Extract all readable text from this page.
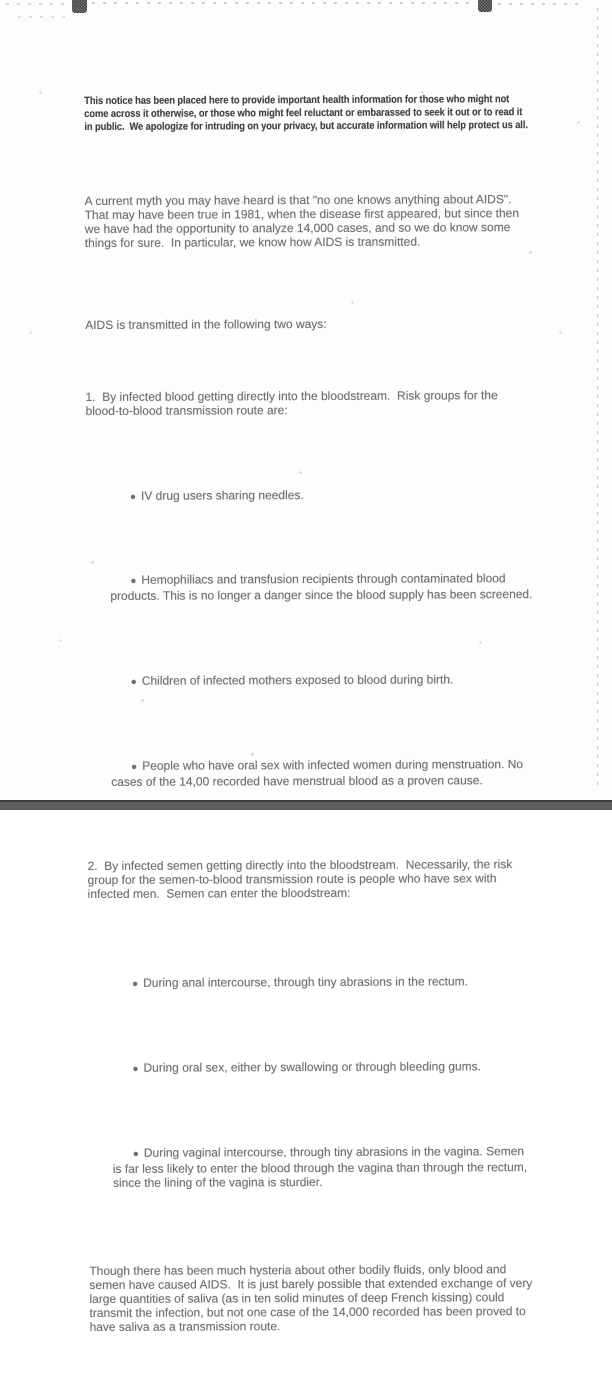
This notice has been placed here to provide important health information for those who might not come across it otherwise, or those who might feel reluctant or embarassed to seek it out or to read it in public.  We apologize for intruding on your privacy, but accurate information will help protect us all.

A current myth you may have heard is that "no one knows anything about AIDS".  That may have been true in 1981, when the disease first appeared, but since then we have had the opportunity to analyze 14,000 cases, and so we do know some things for sure.  In particular, we know how AIDS is transmitted.

AIDS is transmitted in the following two ways:

1.  By infected blood getting directly into the bloodstream.  Risk groups for the blood-to-blood transmission route are:

● IV drug users sharing needles.

● Hemophiliacs and transfusion recipients through contaminated blood products. This is no longer a danger since the blood supply has been screened.

● Children of infected mothers exposed to blood during birth.

● People who have oral sex with infected women during menstruation. No cases of the 14,00 recorded have menstrual blood as a proven cause.

2.  By infected semen getting directly into the bloodstream.  Necessarily, the risk group for the semen-to-blood transmission route is people who have sex with infected men.  Semen can enter the bloodstream:

● During anal intercourse, through tiny abrasions in the rectum.

● During oral sex, either by swallowing or through bleeding gums.

● During vaginal intercourse, through tiny abrasions in the vagina. Semen is far less likely to enter the blood through the vagina than through the rectum, since the lining of the vagina is sturdier.

Though there has been much hysteria about other bodily fluids, only blood and semen have caused AIDS.  It is just barely possible that extended exchange of very large quantities of saliva (as in ten solid minutes of deep French kissing) could transmit the infection, but not one case of the 14,000 recorded has been proved to have saliva as a transmission route.
